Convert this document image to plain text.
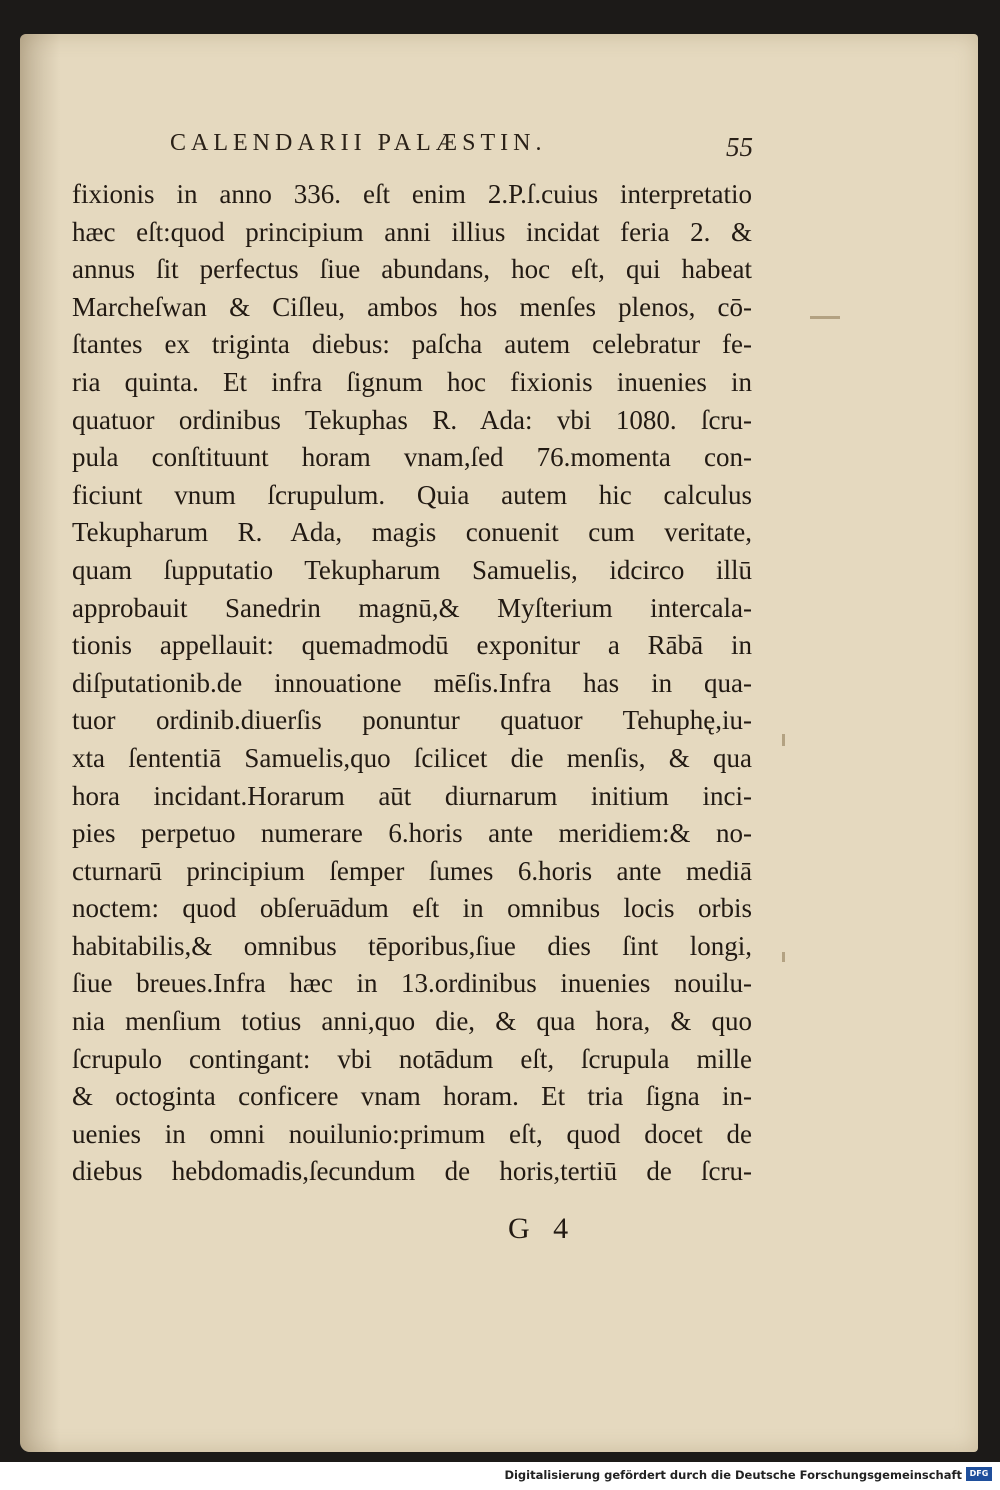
CALENDARII PALÆSTIN.	55
fixionis in anno 336. eſt enim 2.P.ſ.cuius interpretatio
hæc eſt:quod principium anni illius incidat feria 2. &
annus ſit perfectus ſiue abundans, hoc eſt, qui habeat
Marcheſwan & Ciſleu, ambos hos menſes plenos, cō-
ſtantes ex triginta diebus: paſcha autem celebratur fe-
ria quinta. Et infra ſignum hoc fixionis inuenies in
quatuor ordinibus Tekuphas R. Ada: vbi 1080. ſcru-
pula conſtituunt horam vnam,ſed 76.momenta con-
ficiunt vnum ſcrupulum. Quia autem hic calculus
Tekupharum R. Ada, magis conuenit cum veritate,
quam ſupputatio Tekupharum Samuelis, idcirco illū
approbauit Sanedrin magnū,& Myſterium intercala-
tionis appellauit: quemadmodū exponitur a Rābā in
diſputationib.de innouatione mēſis.Infra has in qua-
tuor ordinib.diuerſis ponuntur quatuor Tehuphę,iu-
xta ſententiā Samuelis,quo ſcilicet die menſis, & qua
hora incidant.Horarum aūt diurnarum initium inci-
pies perpetuo numerare 6.horis ante meridiem:& no-
cturnarū principium ſemper ſumes 6.horis ante mediā
noctem: quod obſeruādum eſt in omnibus locis orbis
habitabilis,& omnibus tēporibus,ſiue dies ſint longi,
ſiue breues.Infra hæc in 13.ordinibus inuenies nouilu-
nia menſium totius anni,quo die, & qua hora, & quo
ſcrupulo contingant: vbi notādum eſt, ſcrupula mille
& octoginta conficere vnam horam. Et tria ſigna in-
uenies in omni nouilunio:primum eſt, quod docet de
diebus hebdomadis,ſecundum de horis,tertiū de ſcru-
G 4
Digitalisierung gefördert durch die Deutsche Forschungsgemeinschaft DFG
